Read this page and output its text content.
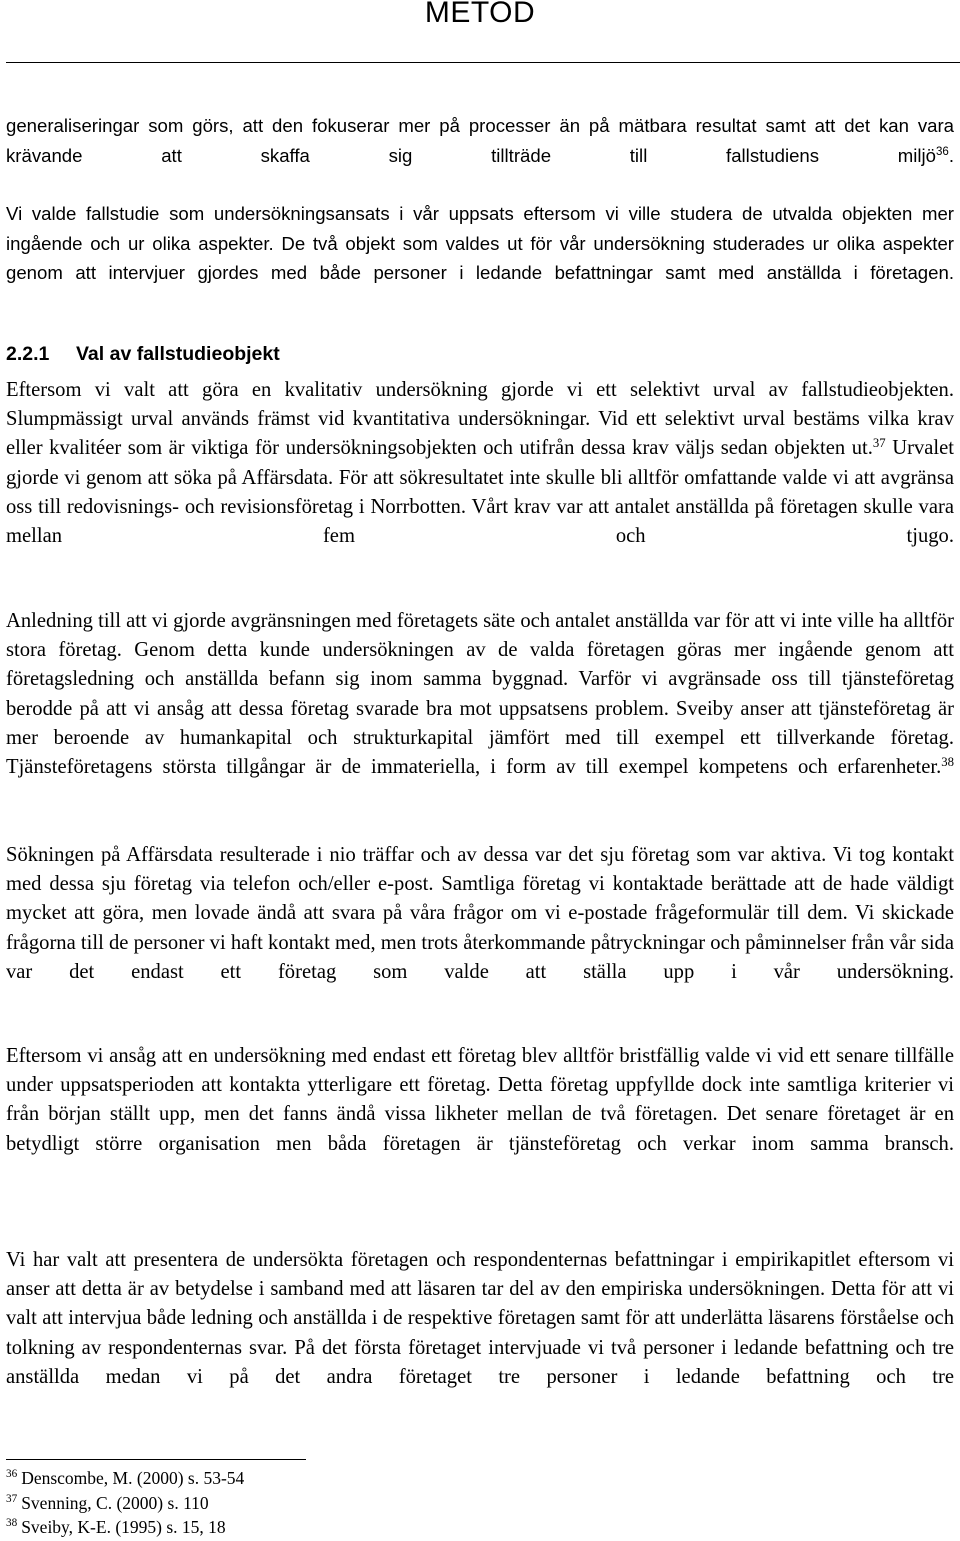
METOD

generaliseringar som görs, att den fokuserar mer på processer än på mätbara resultat samt att det kan vara krävande att skaffa sig tillträde till fallstudiens miljö$^{36}$.

Vi valde fallstudie som undersökningsansats i vår uppsats eftersom vi ville studera de utvalda objekten mer ingående och ur olika aspekter. De två objekt som valdes ut för vår undersökning studerades ur olika aspekter genom att intervjuer gjordes med både personer i ledande befattningar samt med anställda i företagen.

2.2.1 Val av fallstudieobjekt

Eftersom vi valt att göra en kvalitativ undersökning gjorde vi ett selektivt urval av fallstudieobjekten. Slumpmässigt urval används främst vid kvantitativa undersökningar. Vid ett selektivt urval bestäms vilka krav eller kvalitéer som är viktiga för undersökningsobjekten och utifrån dessa krav väljs sedan objekten ut.$^{37}$ Urvalet gjorde vi genom att söka på Affärsdata. För att sökresultatet inte skulle bli alltför omfattande valde vi att avgränsa oss till redovisnings- och revisionsföretag i Norrbotten. Vårt krav var att antalet anställda på företagen skulle vara mellan fem och tjugo.

Anledning till att vi gjorde avgränsningen med företagets säte och antalet anställda var för att vi inte ville ha alltför stora företag. Genom detta kunde undersökningen av de valda företagen göras mer ingående genom att företagsledning och anställda befann sig inom samma byggnad. Varför vi avgränsade oss till tjänsteföretag berodde på att vi ansåg att dessa företag svarade bra mot uppsatsens problem. Sveiby anser att tjänsteföretag är mer beroende av humankapital och strukturkapital jämfört med till exempel ett tillverkande företag. Tjänsteföretagens största tillgångar är de immateriella, i form av till exempel kompetens och erfarenheter.$^{38}$

Sökningen på Affärsdata resulterade i nio träffar och av dessa var det sju företag som var aktiva. Vi tog kontakt med dessa sju företag via telefon och/eller e-post. Samtliga företag vi kontaktade berättade att de hade väldigt mycket att göra, men lovade ändå att svara på våra frågor om vi e-postade frågeformulär till dem. Vi skickade frågorna till de personer vi haft kontakt med, men trots återkommande påtryckningar och påminnelser från vår sida var det endast ett företag som valde att ställa upp i vår undersökning.

Eftersom vi ansåg att en undersökning med endast ett företag blev alltför bristfällig valde vi vid ett senare tillfälle under uppsatsperioden att kontakta ytterligare ett företag. Detta företag uppfyllde dock inte samtliga kriterier vi från början ställt upp, men det fanns ändå vissa likheter mellan de två företagen. Det senare företaget är en betydligt större organisation men båda företagen är tjänsteföretag och verkar inom samma bransch.

Vi har valt att presentera de undersökta företagen och respondenternas befattningar i empirikapitlet eftersom vi anser att detta är av betydelse i samband med att läsaren tar del av den empiriska undersökningen. Detta för att vi valt att intervjua både ledning och anställda i de respektive företagen samt för att underlätta läsarens förståelse och tolkning av respondenternas svar. På det första företaget intervjuade vi två personer i ledande befattning och tre anställda medan vi på det andra företaget tre personer i ledande befattning och tre

$^{36}$ Denscombe, M. (2000) s. 53-54
$^{37}$ Svenning, C. (2000) s. 110
$^{38}$ Sveiby, K-E. (1995) s. 15, 18
